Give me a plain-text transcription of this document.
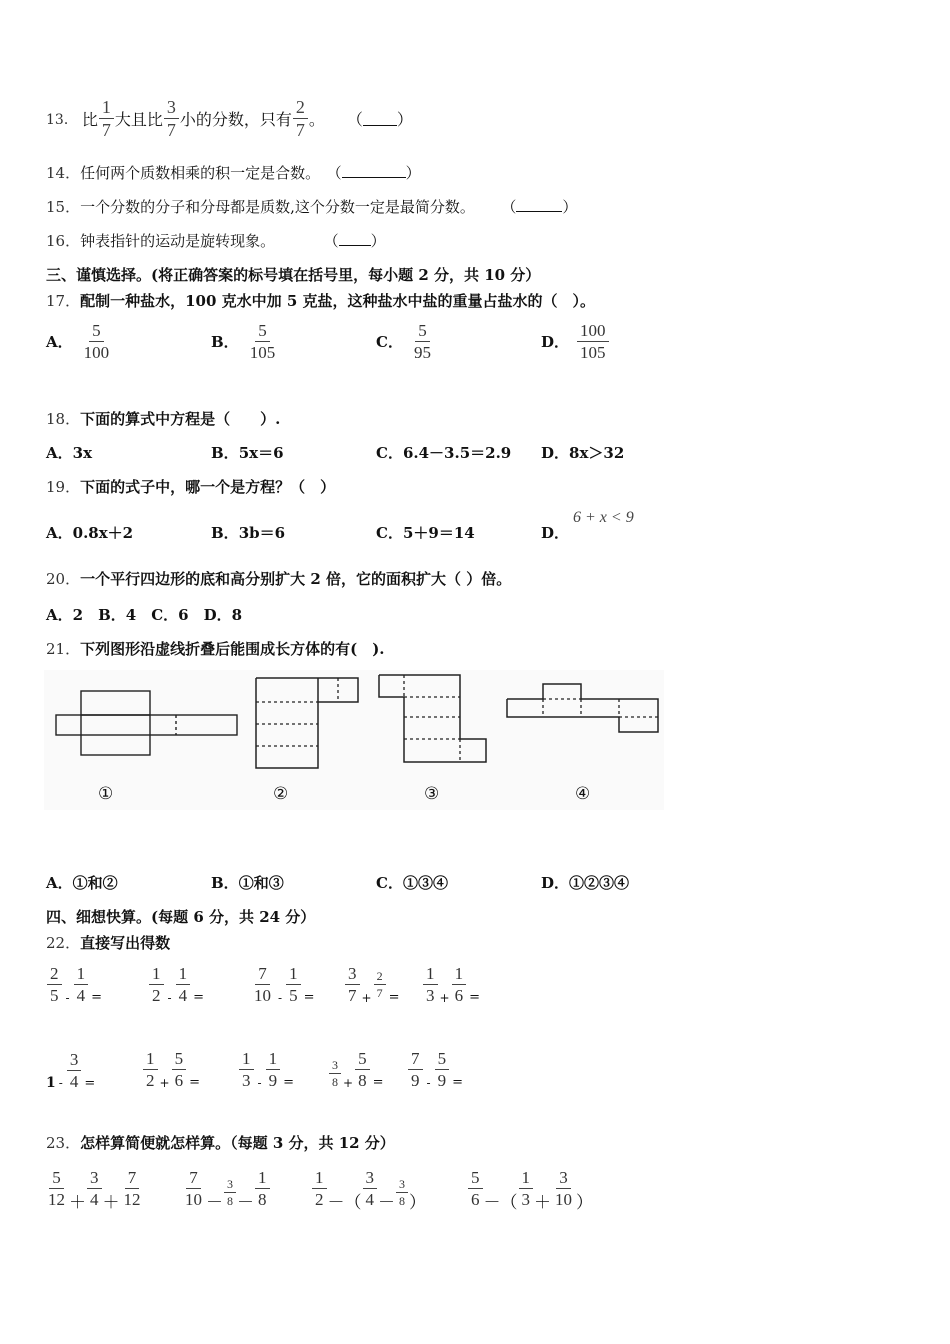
13． 比 $\frac{1}{7}$ 大且比 $\frac{3}{7}$ 小的分数，只有 $\frac{2}{7}$ 。 （ ）
14．任何两个质数相乘的积一定是合数。 （	）
15．一个分数的分子和分母都是质数,这个分数一定是最简分数。 （	）
16．钟表指针的运动是旋转现象。	（ ）
三、谨慎选择。(将正确答案的标号填在括号里，每小题 2 分，共 10 分）
17．配制一种盐水，100 克水中加 5 克盐，这种盐水中盐的重量占盐水的（　）。
A． $\frac{5}{100}$	B． $\frac{5}{105}$	C． $\frac{5}{95}$	D． $\frac{100}{105}$
18．下面的算式中方程是（　　）.
A．3x	B．5x＝6	C．6.4－3.5＝2.9 D．8x＞32
19．下面的式子中，哪一个是方程？（　）
A．0.8x＋2	B．3b＝6	C．5＋9＝14	D．
6 + x < 9
20．一个平行四边形的底和高分别扩大 2 倍，它的面积扩大（ ）倍。
A．2　B．4　C．6　D．8
21．下列图形沿虚线折叠后能围成长方体的有(　).
①	②	③	④
A．①和②	B．①和③	C．①③④	D．①②③④
四、细想快算。(每题 6 分，共 24 分）
22．直接写出得数
$\frac{2}{5} - \frac{1}{4}$ =	$\frac{1}{2} - \frac{1}{4}$ =	$\frac{7}{10} - \frac{1}{5} = \frac{3}{7} + \frac{2}{7} = \frac{1}{3} + \frac{1}{6}$ =
$1 - \frac{3}{4}$ =	$\frac{1}{2} + \frac{5}{6} = \frac{1}{3} - \frac{1}{9}$ =	$\frac{3}{8} + \frac{5}{8} = \frac{7}{9} - \frac{5}{9}$ =
23．怎样算简便就怎样算。（每题 3 分，共 12 分）
$\frac{5}{12} + \frac{3}{4} + \frac{7}{12} \frac{7}{10} - \frac{3}{8} - \frac{1}{8}$	$\frac{1}{2}$ －（ $\frac{3}{4} - \frac{3}{8}$ ） $\frac{5}{6}$ －（ $\frac{1}{3} + \frac{3}{10}$ ）
